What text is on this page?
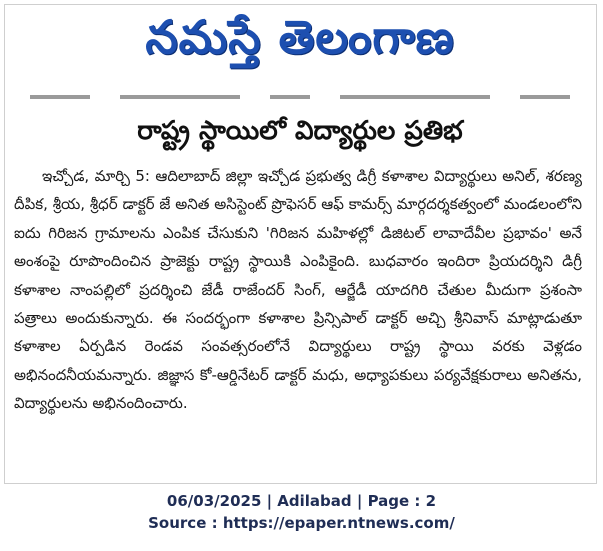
నమస్తే తెలంగాణ
రాష్ట్ర స్థాయిలో విద్యార్థుల ప్రతిభ
ఇచ్చోడ, మార్చి 5: ఆదిలాబాద్ జిల్లా ఇచ్చోడ ప్రభుత్వ డిగ్రీ కళాశాల విద్యార్థులు అనిల్, శరణ్య దీపిక, శ్రీయ, శ్రీధర్ డాక్టర్ జే అనిత అసిస్టెంట్ ప్రొఫెసర్ ఆఫ్ కామర్స్ మార్గదర్శకత్వంలో మండలంలోని ఐదు గిరిజన గ్రామాలను ఎంపిక చేసుకుని 'గిరిజన మహిళల్లో డిజిటల్ లావాదేవీల ప్రభావం' అనే అంశంపై రూపొందించిన ప్రాజెక్టు రాష్ట్ర స్థాయికి ఎంపికైంది. బుధవారం ఇందిరా ప్రియదర్శిని డిగ్రీ కళాశాల నాంపల్లిలో ప్రదర్శించి జేడీ రాజేందర్ సింగ్, ఆర్జేడీ యాదగిరి చేతుల మీదుగా ప్రశంసా పత్రాలు అందుకున్నారు. ఈ సందర్భంగా కళాశాల ప్రిన్సిపాల్ డాక్టర్ అచ్చి శ్రీనివాస్ మాట్లాడుతూ కళాశాల ఏర్పడిన రెండవ సంవత్సరంలోనే విద్యార్థులు రాష్ట్ర స్థాయి వరకు వెళ్లడం అభినందనీయమన్నారు. జిజ్ఞాస కో-ఆర్డినేటర్ డాక్టర్ మధు, అధ్యాపకులు పర్యవేక్షకురాలు అనితను, విద్యార్థులను అభినందించారు.
06/03/2025 | Adilabad | Page : 2
Source : https://epaper.ntnews.com/
